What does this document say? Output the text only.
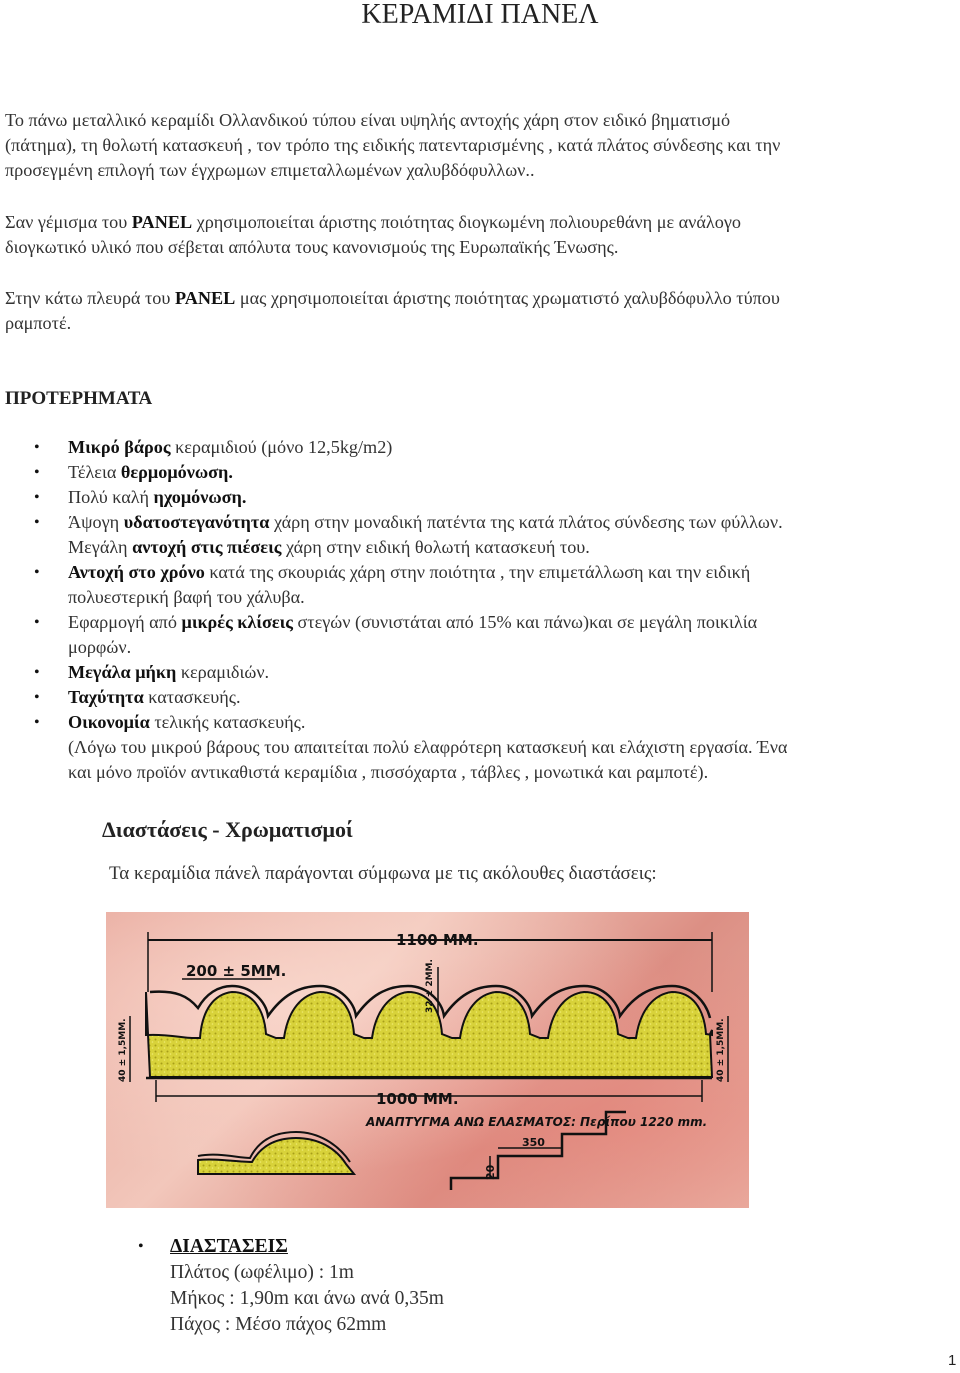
ΚΕΡΑΜΙΔΙ ΠΑΝΕΛ
Το πάνω μεταλλικό κεραμίδι Ολλανδικού τύπου είναι υψηλής αντοχής χάρη στον ειδικό βηματισμό
(πάτημα), τη θολωτή κατασκευή , τον τρόπο της ειδικής πατενταρισμένης , κατά πλάτος σύνδεσης και την
προσεγμένη επιλογή των έγχρωμων επιμεταλλωμένων χαλυβδόφυλλων..
Σαν γέμισμα του PANEL χρησιμοποιείται άριστης ποιότητας διογκωμένη πολιουρεθάνη με ανάλογο
διογκωτικό υλικό που σέβεται απόλυτα τους κανονισμούς της Ευρωπαϊκής Ένωσης.
Στην κάτω πλευρά του PANEL μας χρησιμοποιείται άριστης ποιότητας χρωματιστό χαλυβδόφυλλο τύπου
ραμποτέ.
ΠΡΟΤΕΡΗΜΑΤΑ
• Μικρό βάρος κεραμιδιού (μόνο 12,5kg/m2)
• Τέλεια θερμομόνωση.
• Πολύ καλή ηχομόνωση.
• Άψογη υδατοστεγανότητα χάρη στην μοναδική πατέντα της κατά πλάτος σύνδεσης των φύλλων.
Μεγάλη αντοχή στις πιέσεις χάρη στην ειδική θολωτή κατασκευή του.
• Αντοχή στο χρόνο κατά της σκουριάς χάρη στην ποιότητα , την επιμετάλλωση και την ειδική
πολυεστερική βαφή του χάλυβα.
• Εφαρμογή από μικρές κλίσεις στεγών (συνιστάται από 15% και πάνω)και σε μεγάλη ποικιλία
μορφών.
• Μεγάλα μήκη κεραμιδιών.
• Ταχύτητα κατασκευής.
• Οικονομία τελικής κατασκευής.
(Λόγω του μικρού βάρους του απαιτείται πολύ ελαφρότερη κατασκευή και ελάχιστη εργασία. Ένα
και μόνο προϊόν αντικαθιστά κεραμίδια , πισσόχαρτα , τάβλες , μονωτικά και ραμποτέ).
Διαστάσεις - Χρωματισμοί

Τα κεραμίδια πάνελ παράγονται σύμφωνα με τις ακόλουθες διαστάσεις:

1100 MM.
200 ± 5MM.	32 ± 2MM.
40 ± 1,5MM.	40 ± 1,5MM.
1000 MM.
ΑΝΑΠΤΥΓΜΑ ΑΝΩ ΕΛΑΣΜΑΤΟΣ: Περίπου 1220 mm.
350
20
• ΔΙΑΣΤΑΣΕΙΣ
Πλάτος (ωφέλιμο) : 1m
Μήκος : 1,90m και άνω ανά 0,35m
Πάχος : Μέσο πάχος 62mm
1
